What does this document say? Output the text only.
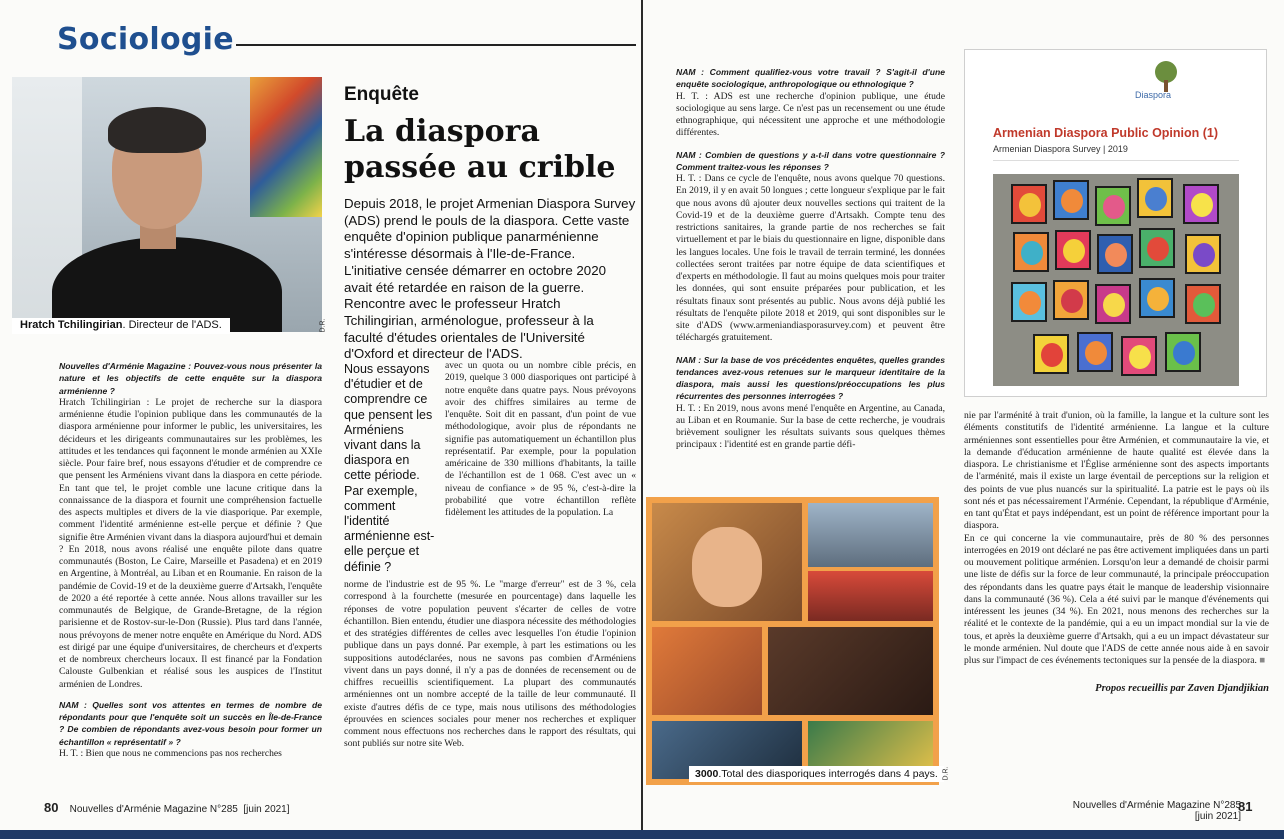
Sociologie
Hratch Tchilingirian. Directeur de l'ADS.	D.R.
Enquête
La diaspora passée au crible
Depuis 2018, le projet Armenian Diaspora Survey (ADS) prend le pouls de la diaspora. Cette vaste enquête d'opinion publique panarménienne s'intéresse désormais à l'Ile-de-France. L'initiative censée démarrer en octobre 2020 avait été retardée en raison de la guerre. Rencontre avec le professeur Hratch Tchilingirian, arménologue, professeur à la faculté d'études orientales de l'Université d'Oxford et directeur de l'ADS.

Nouvelles d'Arménie Magazine : Pouvez-vous nous présenter la nature et les objectifs de cette enquête sur la diaspora arménienne ?

Hratch Tchilingirian : Le projet de recherche sur la diaspora arménienne étudie l'opinion publique dans les communautés de la diaspora arménienne pour informer le public, les universitaires, les décideurs et les dirigeants communautaires sur les problèmes, les attitudes et les tendances qui façonnent le monde arménien au XXIe siècle. Pour faire bref, nous essayons d'étudier et de comprendre ce que pensent les Arméniens vivant dans la diaspora en cette période. En tant que tel, le projet comble une lacune critique dans la connaissance de la diaspora et fournit une compréhension factuelle des aspects multiples et divers de la vie diasporique. Par exemple, comment l'identité arménienne est-elle perçue et définie ? Que signifie être Arménien vivant dans la diaspora aujourd'hui et demain ? En 2018, nous avons réalisé une enquête pilote dans quatre communautés (Boston, Le Caire, Marseille et Pasadena) et en 2019 en Argentine, à Montréal, au Liban et en Roumanie. En raison de la pandémie de Covid-19 et de la deuxième guerre d'Artsakh, l'enquête de 2020 a été reportée à cette année. Nous allons travailler sur les communautés de Belgique, de Grande-Bretagne, de la région parisienne et de Rostov-sur-le-Don (Russie). Plus tard dans l'année, nous prévoyons de mener notre enquête en Amérique du Nord. ADS est dirigé par une équipe d'universitaires, de chercheurs et d'experts et de nombreux chercheurs locaux. Il est financé par la Fondation Calouste Gulbenkian et réalisé sous les auspices de l'Institut arménien de Londres.

NAM : Quelles sont vos attentes en termes de nombre de répondants pour que l'enquête soit un succès en Île-de-France ? De combien de répondants avez-vous besoin pour former un échantillon « représentatif » ?

H. T. : Bien que nous ne commencions pas nos recherches

Nous essayons d'étudier et de comprendre ce que pensent les Arméniens vivant dans la diaspora en cette période. Par exemple, comment l'identité arménienne est-elle perçue et définie ?
avec un quota ou un nombre cible précis, en 2019, quelque 3 000 diasporiques ont participé à notre enquête dans quatre pays. Nous prévoyons avoir des chiffres similaires au terme de l'enquête. Soit dit en passant, d'un point de vue méthodologique, avoir plus de répondants ne signifie pas automatiquement un échantillon plus représentatif. Par exemple, pour la population américaine de 330 millions d'habitants, la taille de l'échantillon est de 1 068. C'est avec un « niveau de confiance » de 95 %, c'est-à-dire la probabilité que votre échantillon reflète fidèlement les attitudes de la population. La
norme de l'industrie est de 95 %. Le "marge d'erreur" est de 3 %, cela correspond à la fourchette (mesurée en pourcentage) dans laquelle les réponses de votre population peuvent s'écarter de celles de votre échantillon. Bien entendu, étudier une diaspora nécessite des méthodologies et des stratégies différentes de celles avec lesquelles l'on étudie l'opinion publique dans un pays donné. Par exemple, à part les estimations ou les suppositions autodéclarées, nous ne savons pas combien d'Arméniens vivent dans un pays donné, il n'y a pas de données de recensement ou de chiffres recueillis scientifiquement. La plupart des communautés arméniennes ont un nombre accepté de la taille de leur communauté. Il existe d'autres défis de ce type, mais nous utilisons des méthodologies éprouvées en sciences sociales pour mener nos recherches et expliquer comment nous effectuons nos recherches dans le rapport des résultats, qui sont publiés sur notre site Web.
80 Nouvelles d'Arménie Magazine N°285  [juin 2021]
NAM : Comment qualifiez-vous votre travail ? S'agit-il d'une enquête sociologique, anthropologique ou ethnologique ?

H. T. : ADS est une recherche d'opinion publique, une étude sociologique au sens large. Ce n'est pas un recensement ou une étude ethnographique, qui nécessitent une approche et une méthodologie différentes.

NAM : Combien de questions y a-t-il dans votre questionnaire ? Comment traitez-vous les réponses ?

H. T. : Dans ce cycle de l'enquête, nous avons quelque 70 questions. En 2019, il y en avait 50 longues ; cette longueur s'explique par le fait que nous avons dû ajouter deux nouvelles sections qui traitent de la Covid-19 et de la deuxième guerre d'Artsakh. Compte tenu des restrictions sanitaires, la grande partie de nos recherches se fait virtuellement et par le biais du questionnaire en ligne, disponible dans les langues locales. Une fois le travail de terrain terminé, les données collectées seront traitées par notre équipe de data scientifiques et d'experts en méthodologie. Il faut au moins quelques mois pour traiter les données, qui sont ensuite préparées pour publication, et les résultats finaux sont présentés au public. Nous avons déjà publié les résultats de l'enquête pilote 2018 et 2019, qui sont disponibles sur le site d'ADS (www.armeniandiasporasurvey.com) et peuvent être téléchargés gratuitement.

NAM : Sur la base de vos précédentes enquêtes, quelles grandes tendances avez-vous retenues sur le marqueur identitaire de la diaspora, mais aussi les questions/préoccupations les plus récurrentes des personnes interrogées ?

H. T. : En 2019, nous avons mené l'enquête en Argentine, au Canada, au Liban et en Roumanie. Sur la base de cette recherche, je voudrais brièvement souligner les résultats suivants sous quelques thèmes principaux : l'identité est en grande partie défi-

Diaspora
Armenian Diaspora Public Opinion (1)
Armenian Diaspora Survey | 2019

nie par l'arménité à trait d'union, où la famille, la langue et la culture sont les éléments constitutifs de l'identité arménienne. La langue et la culture arméniennes sont essentielles pour être Arménien, et communautaire la vie, et la demande d'éducation arménienne de haute qualité est élevée dans la diaspora. Le christianisme et l'Église arménienne sont des aspects importants de l'arménité, mais il existe un large éventail de perceptions sur la religion et des points de vue plus nuancés sur la spiritualité. La patrie est le pays où ils sont nés et pas nécessairement l'Arménie. Cependant, la république d'Arménie, en tant qu'État et pays indépendant, est un point de référence important pour la diaspora.

En ce qui concerne la vie communautaire, près de 80 % des personnes interrogées en 2019 ont déclaré ne pas être activement impliquées dans un parti ou mouvement politique arménien. Lorsqu'on leur a demandé de choisir parmi une liste de défis sur la force de leur communauté, la principale préoccupation des répondants dans les quatre pays était le manque de leadership visionnaire dans la communauté (36 %). Cela a été suivi par le manque d'événements qui intéressent les jeunes (34 %). En 2021, nous menons des recherches sur la réalité et le contexte de la pandémie, qui a eu un impact mondial sur la vie de tous, et après la deuxième guerre d'Artsakh, qui a eu un impact dévastateur sur le monde arménien. Nul doute que l'ADS de cette année nous aide à en savoir plus sur l'impact de ces événements tectoniques sur la pensée de la diaspora. ■

Propos recueillis par Zaven Djandjikian

3000.Total des diasporiques interrogés dans 4 pays. D.R.
Nouvelles d'Arménie Magazine N°285
[juin 2021]
81
